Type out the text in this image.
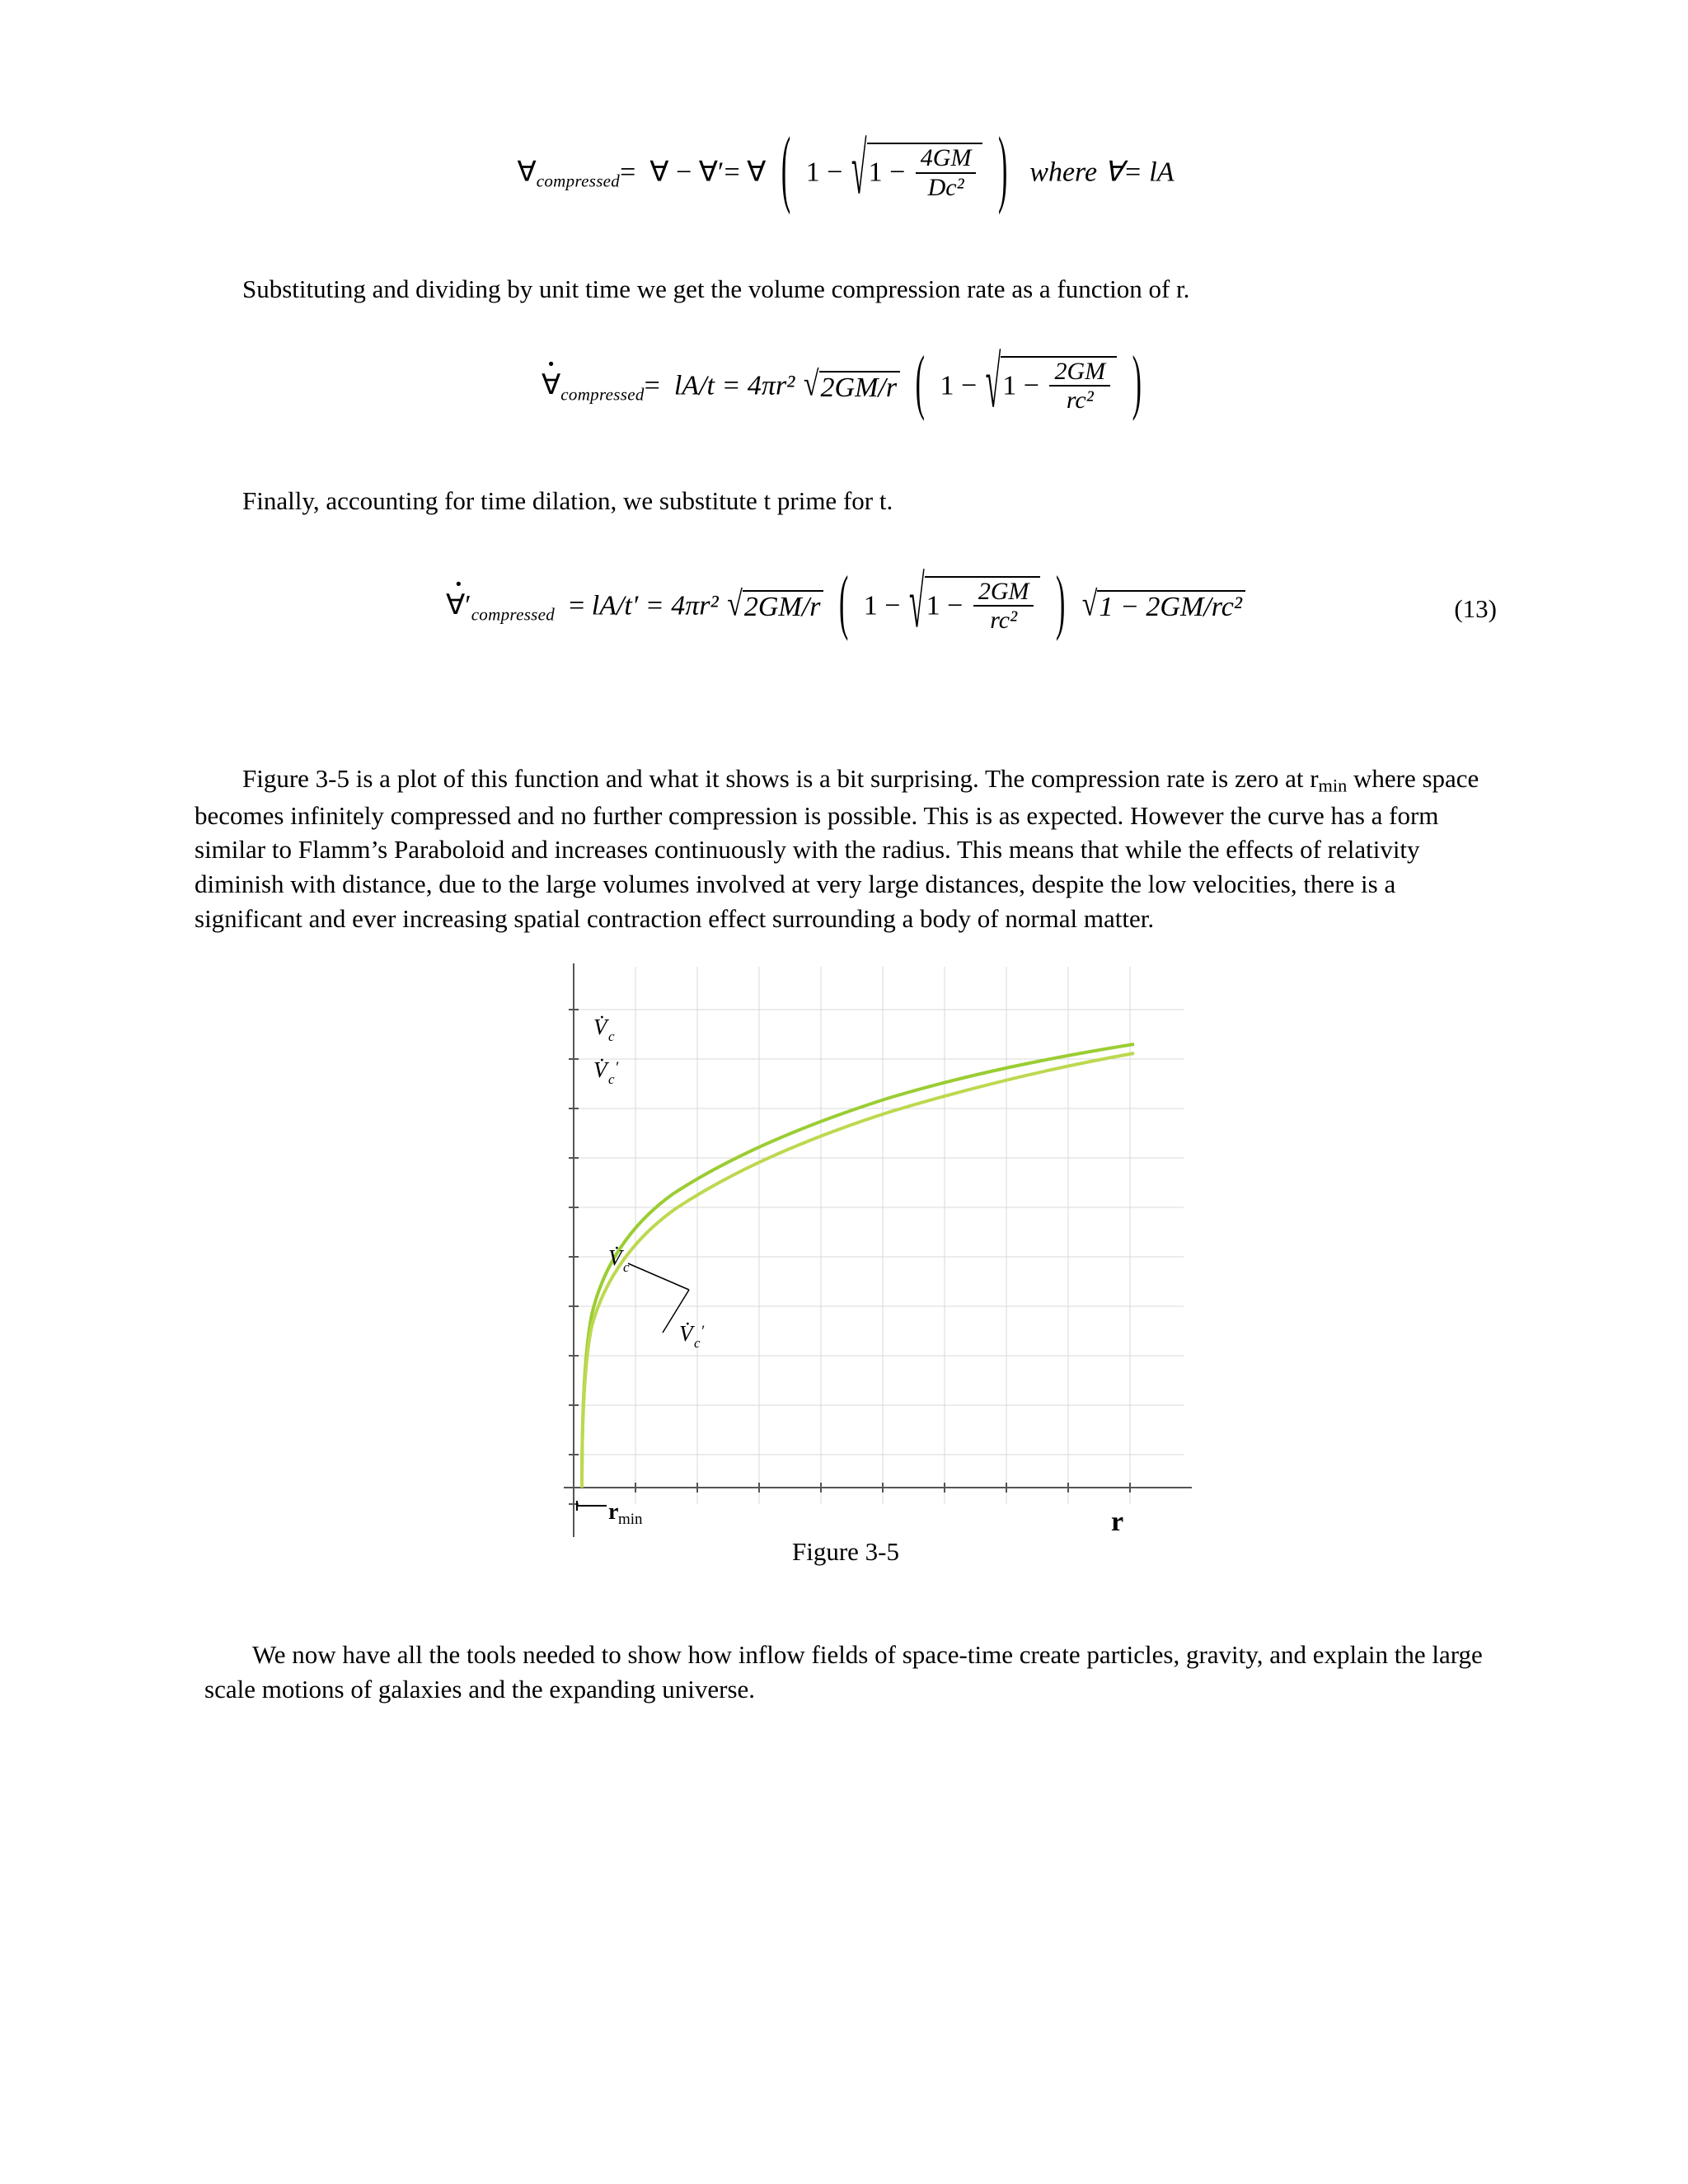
$\forall_{compressed}=$ ∀ − ∀′= ∀ ( $1 - √1 - \frac{4GM}{\text{Dc²}}$ ) where ∀= lA

Substituting and dividing by unit time we get the volume compression rate as a function of r.

· $\forall_{compressed}= lA/t = 4\pi r^2$ √2GM/r ( $1 - √1 - \frac{2GM}{\text{rc²}}$ )

Finally, accounting for time dilation, we substitute t prime for t.

· $\forall'_{compressed} = lA/t' = 4\pi r^2$ √2GM/r ( $1 - √1 - \frac{2GM}{\text{rc²}}$ ) √1 − 2GM/rc²	(13)

Figure 3-5 is a plot of this function and what it shows is a bit surprising. The compression rate is zero at $r_{min}$ where space becomes infinitely compressed and no further compression is possible. This is as expected. However the curve has a form similar to Flamm’s Paraboloid and increases continuously with the radius. This means that while the effects of relativity diminish with distance, due to the large volumes involved at very large distances, despite the low velocities, there is a significant and ever increasing spatial contraction effect surrounding a body of normal matter.

V̇ c
V̇ c
′
V̇ c
V̇ c
′
r min	r
Figure 3-5

We now have all the tools needed to show how inflow fields of space-time create particles, gravity, and explain the large scale motions of galaxies and the expanding universe.
